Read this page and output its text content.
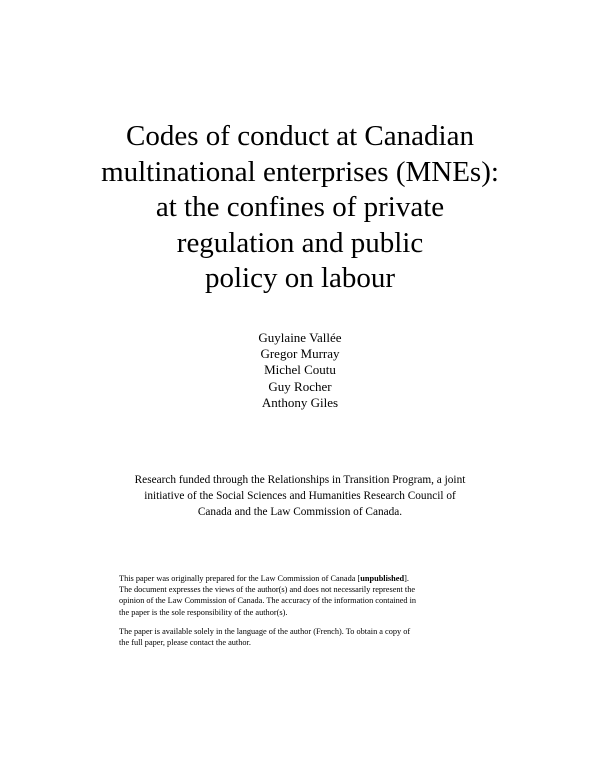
Codes of conduct at Canadian
multinational enterprises (MNEs):
at the confines of private
regulation and public
policy on labour
Guylaine Vallée
Gregor Murray
Michel Coutu
Guy Rocher
Anthony Giles
Research funded through the Relationships in Transition Program, a joint
initiative of the Social Sciences and Humanities Research Council of
Canada and the Law Commission of Canada.
This paper was originally prepared for the Law Commission of Canada [unpublished].
The document expresses the views of the author(s) and does not necessarily represent the
opinion of the Law Commission of Canada. The accuracy of the information contained in
the paper is the sole responsibility of the author(s).
The paper is available solely in the language of the author (French). To obtain a copy of
the full paper, please contact the author.
